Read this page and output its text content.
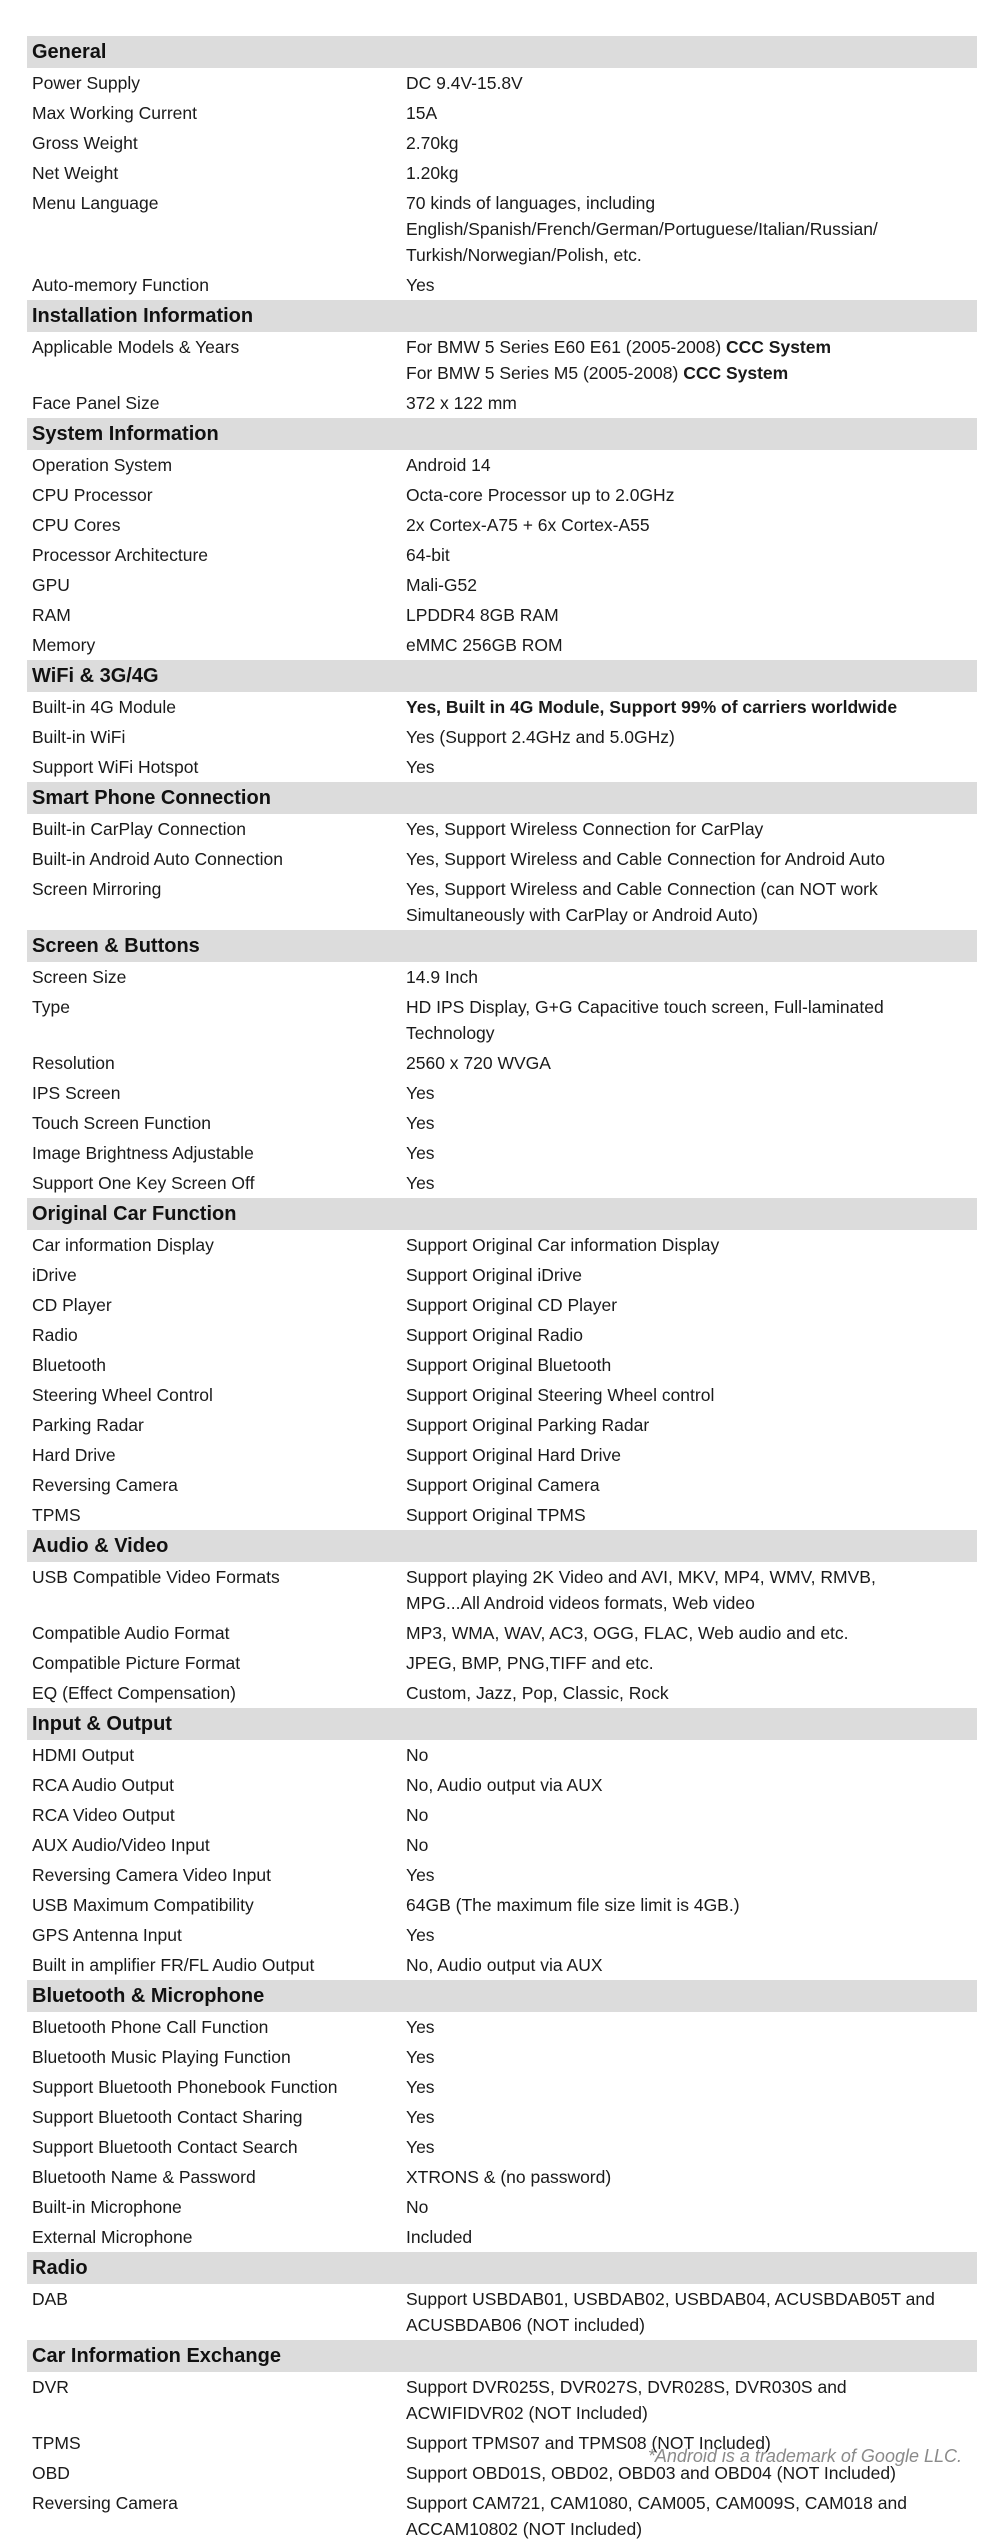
General
Power Supply	DC 9.4V-15.8V
Max Working Current	15A
Gross Weight	2.70kg
Net Weight	1.20kg
Menu Language	70 kinds of languages, including
English/Spanish/French/German/Portuguese/Italian/Russian/
Turkish/Norwegian/Polish, etc.
Auto-memory Function	Yes
Installation Information
Applicable Models & Years	For BMW 5 Series E60 E61 (2005-2008) CCC System
For BMW 5 Series M5 (2005-2008) CCC System
Face Panel Size	372 x 122 mm
System Information
Operation System	Android 14
CPU Processor	Octa-core Processor up to 2.0GHz
CPU Cores	2x Cortex-A75 + 6x Cortex-A55
Processor Architecture	64-bit
GPU	Mali-G52
RAM	LPDDR4 8GB RAM
Memory	eMMC 256GB ROM
WiFi & 3G/4G
Built-in 4G Module	Yes, Built in 4G Module, Support 99% of carriers worldwide
Built-in WiFi	Yes (Support 2.4GHz and 5.0GHz)
Support WiFi Hotspot	Yes
Smart Phone Connection
Built-in CarPlay Connection	Yes, Support Wireless Connection for CarPlay
Built-in Android Auto Connection	Yes, Support Wireless and Cable Connection for Android Auto
Screen Mirroring	Yes, Support Wireless and Cable Connection (can NOT work
Simultaneously with CarPlay or Android Auto)
Screen & Buttons
Screen Size	14.9 Inch
Type	HD IPS Display, G+G Capacitive touch screen, Full-laminated
Technology
Resolution	2560 x 720 WVGA
IPS Screen	Yes
Touch Screen Function	Yes
Image Brightness Adjustable	Yes
Support One Key Screen Off	Yes
Original Car Function
Car information Display	Support Original Car information Display
iDrive	Support Original iDrive
CD Player	Support Original CD Player
Radio	Support Original Radio
Bluetooth	Support Original Bluetooth
Steering Wheel Control	Support Original Steering Wheel control
Parking Radar	Support Original Parking Radar
Hard Drive	Support Original Hard Drive
Reversing Camera	Support Original Camera
TPMS	Support Original TPMS
Audio & Video
USB Compatible Video Formats	Support playing 2K Video and AVI, MKV, MP4, WMV, RMVB,
MPG...All Android videos formats, Web video
Compatible Audio Format	MP3, WMA, WAV, AC3, OGG, FLAC, Web audio and etc.
Compatible Picture Format	JPEG, BMP, PNG,TIFF and etc.
EQ (Effect Compensation)	Custom, Jazz, Pop, Classic, Rock
Input & Output
HDMI Output	No
RCA Audio Output	No, Audio output via AUX
RCA Video Output	No
AUX Audio/Video Input	No
Reversing Camera Video Input	Yes
USB Maximum Compatibility	64GB (The maximum file size limit is 4GB.)
GPS Antenna Input	Yes
Built in amplifier FR/FL Audio Output	No, Audio output via AUX
Bluetooth & Microphone
Bluetooth Phone Call Function	Yes
Bluetooth Music Playing Function	Yes
Support Bluetooth Phonebook Function	Yes
Support Bluetooth Contact Sharing	Yes
Support Bluetooth Contact Search	Yes
Bluetooth Name & Password	XTRONS & (no password)
Built-in Microphone	No
External Microphone	Included
Radio
DAB	Support USBDAB01, USBDAB02, USBDAB04, ACUSBDAB05T and
ACUSBDAB06 (NOT included)
Car Information Exchange
DVR	Support DVR025S, DVR027S, DVR028S, DVR030S and
ACWIFIDVR02 (NOT Included)
TPMS	Support TPMS07 and TPMS08 (NOT Included)
OBD	Support OBD01S, OBD02, OBD03 and OBD04 (NOT Included)
Reversing Camera	Support CAM721, CAM1080, CAM005, CAM009S, CAM018 and
ACCAM10802 (NOT Included)
*Android is a trademark of Google LLC.
